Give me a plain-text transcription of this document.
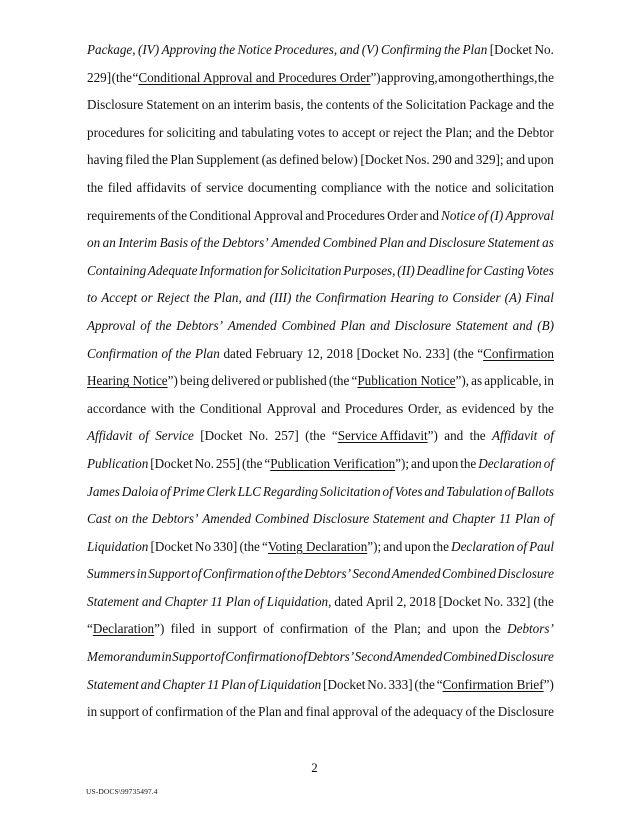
Package, (IV) Approving the Notice Procedures, and (V) Confirming the Plan [Docket No.
229] (the “Conditional Approval and Procedures Order”) approving, among other things, the
Disclosure Statement on an interim basis, the contents of the Solicitation Package and the
procedures for soliciting and tabulating votes to accept or reject the Plan; and the Debtor
having filed the Plan Supplement (as defined below) [Docket Nos. 290 and 329]; and upon
the filed affidavits of service documenting compliance with the notice and solicitation
requirements of the Conditional Approval and Procedures Order and Notice of (I) Approval
on an Interim Basis of the Debtors’ Amended Combined Plan and Disclosure Statement as
Containing Adequate Information for Solicitation Purposes, (II) Deadline for Casting Votes
to Accept or Reject the Plan, and (III) the Confirmation Hearing to Consider (A) Final
Approval of the Debtors’ Amended Combined Plan and Disclosure Statement and (B)
Confirmation of the Plan dated February 12, 2018 [Docket No. 233] (the “Confirmation
Hearing Notice”) being delivered or published (the “Publication Notice”), as applicable, in
accordance with the Conditional Approval and Procedures Order, as evidenced by the
Affidavit of Service [Docket No. 257] (the “Service Affidavit”) and the Affidavit of
Publication [Docket No. 255] (the “Publication Verification”); and upon the Declaration of
James Daloia of Prime Clerk LLC Regarding Solicitation of Votes and Tabulation of Ballots
Cast on the Debtors’ Amended Combined Disclosure Statement and Chapter 11 Plan of
Liquidation [Docket No 330] (the “Voting Declaration”); and upon the Declaration of Paul
Summers in Support of Confirmation of the Debtors’ Second Amended Combined Disclosure
Statement and Chapter 11 Plan of Liquidation, dated April 2, 2018 [Docket No. 332] (the
“Declaration”) filed in support of confirmation of the Plan; and upon the Debtors’
Memorandum in Support of Confirmation of Debtors’ Second Amended Combined Disclosure
Statement and Chapter 11 Plan of Liquidation [Docket No. 333] (the “Confirmation Brief”)
in support of confirmation of the Plan and final approval of the adequacy of the Disclosure
2
US-DOCS\99735497.4
